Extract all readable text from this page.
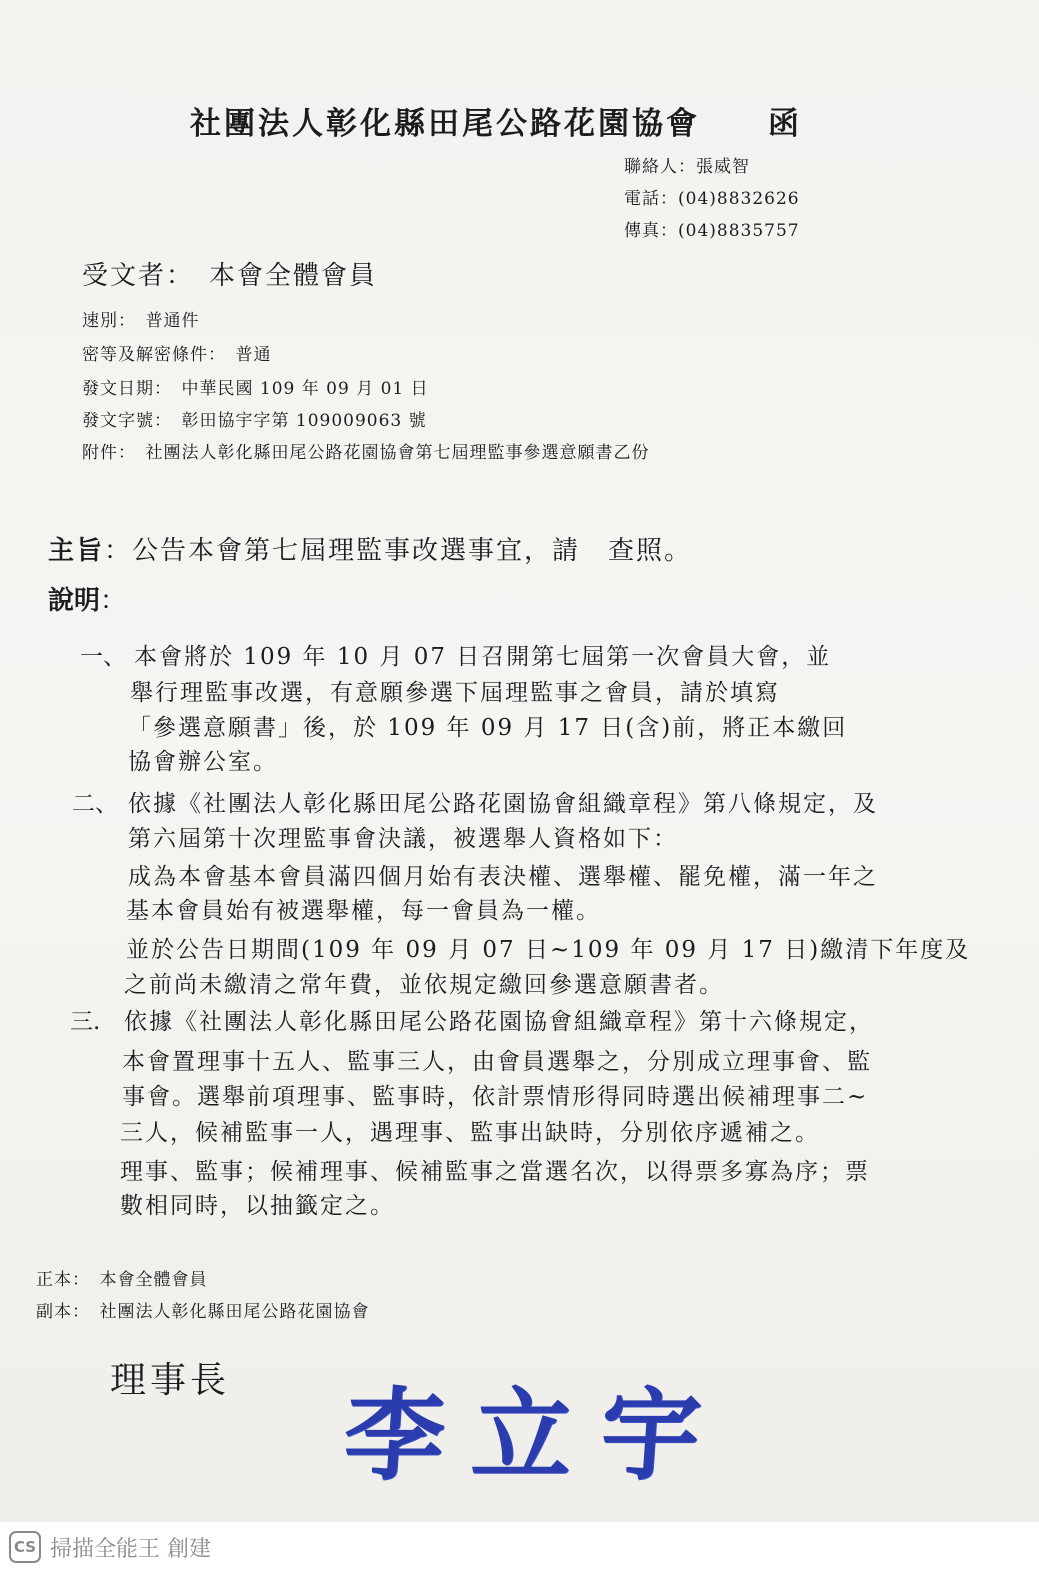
社團法人彰化縣田尾公路花園協會　　函
聯絡人：張威智
電話：(04)8832626
傳真：(04)8835757
受文者：　本會全體會員
速別：　普通件
密等及解密條件：　普通
發文日期：　中華民國 109 年 09 月 01 日
發文字號：　彰田協宇字第 109009063 號
附件：　社團法人彰化縣田尾公路花園協會第七屆理監事參選意願書乙份
主旨：公告本會第七屆理監事改選事宜，請　查照。
說明：
一、 本會將於 109 年 10 月 07 日召開第七屆第一次會員大會，並
舉行理監事改選，有意願參選下屆理監事之會員，請於填寫
「參選意願書」後，於 109 年 09 月 17 日(含)前，將正本繳回
協會辦公室。
二、 依據《社團法人彰化縣田尾公路花園協會組織章程》第八條規定，及
第六屆第十次理監事會決議，被選舉人資格如下：
成為本會基本會員滿四個月始有表決權、選舉權、罷免權，滿一年之
基本會員始有被選舉權，每一會員為一權。
並於公告日期間(109 年 09 月 07 日~109 年 09 月 17 日)繳清下年度及
之前尚未繳清之常年費，並依規定繳回參選意願書者。
三. 依據《社團法人彰化縣田尾公路花園協會組織章程》第十六條規定，
本會置理事十五人、監事三人，由會員選舉之，分別成立理事會、監
事會。選舉前項理事、監事時，依計票情形得同時選出候補理事二~
三人，候補監事一人，遇理事、監事出缺時，分別依序遞補之。
理事、監事；候補理事、候補監事之當選名次，以得票多寡為序；票
數相同時，以抽籤定之。
正本：　本會全體會員
副本：　社團法人彰化縣田尾公路花園協會
理事長 李立宇
CS 掃描全能王 創建
